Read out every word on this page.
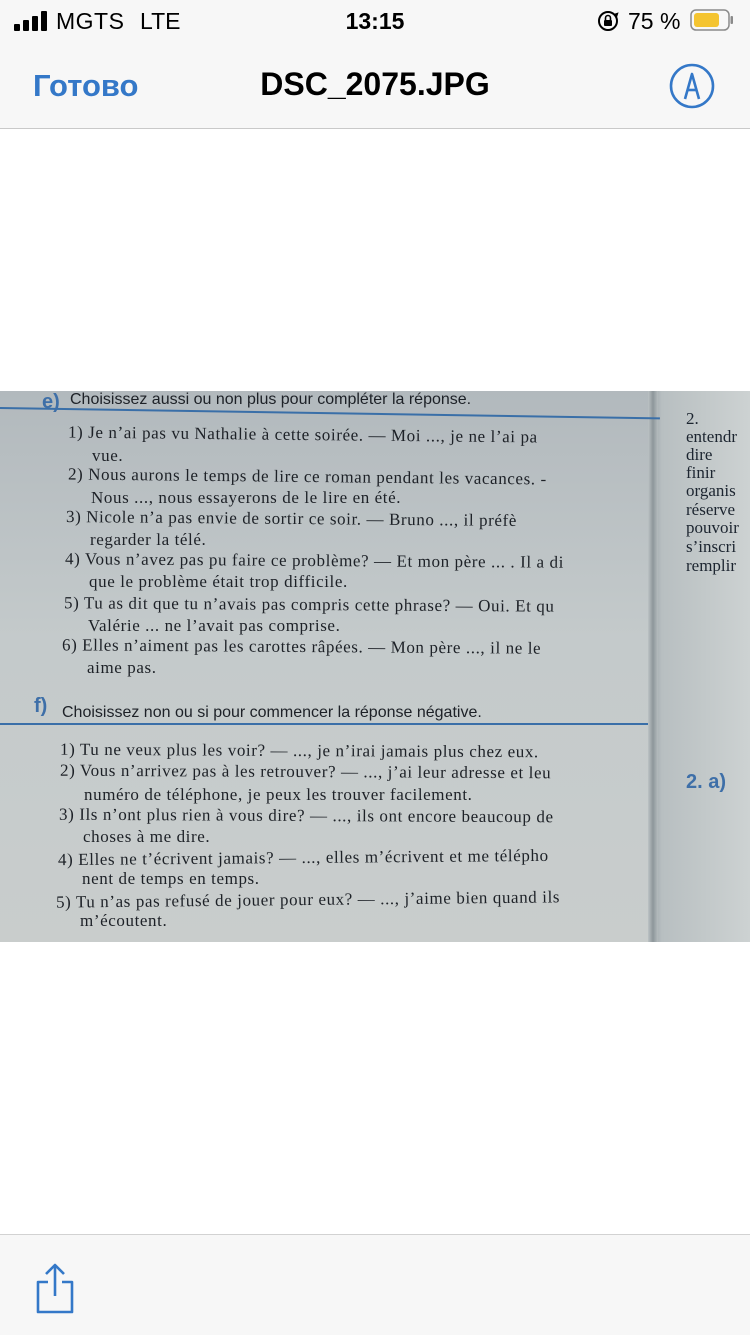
MGTS LTE	13:15	75 %
Готово	DSC_2075.JPG
e) Choisissez aussi ou non plus pour compléter la réponse.
1) Je n’ai pas vu Nathalie à cette soirée. — Moi ..., je ne l’ai pa
vue.
2) Nous aurons le temps de lire ce roman pendant les vacances. -
Nous ..., nous essayerons de le lire en été.
3) Nicole n’a pas envie de sortir ce soir. — Bruno ..., il préfè
regarder la télé.
4) Vous n’avez pas pu faire ce problème? — Et mon père ... . Il a di
que le problème était trop difficile.
5) Tu as dit que tu n’avais pas compris cette phrase? — Oui. Et qu
Valérie ... ne l’avait pas comprise.
6) Elles n’aiment pas les carottes râpées. — Mon père ..., il ne le
aime pas.
f) Choisissez non ou si pour commencer la réponse négative.
1) Tu ne veux plus les voir? — ..., je n’irai jamais plus chez eux.
2) Vous n’arrivez pas à les retrouver? — ..., j’ai leur adresse et leu
numéro de téléphone, je peux les trouver facilement.
3) Ils n’ont plus rien à vous dire? — ..., ils ont encore beaucoup de
choses à me dire.
4) Elles ne t’écrivent jamais? — ..., elles m’écrivent et me télépho
nent de temps en temps.
5) Tu n’as pas refusé de jouer pour eux? — ..., j’aime bien quand ils
m’écoutent.
2.
entendr
dire
finir
organis
réserve
pouvoir
s’inscri
remplir
2. a)
